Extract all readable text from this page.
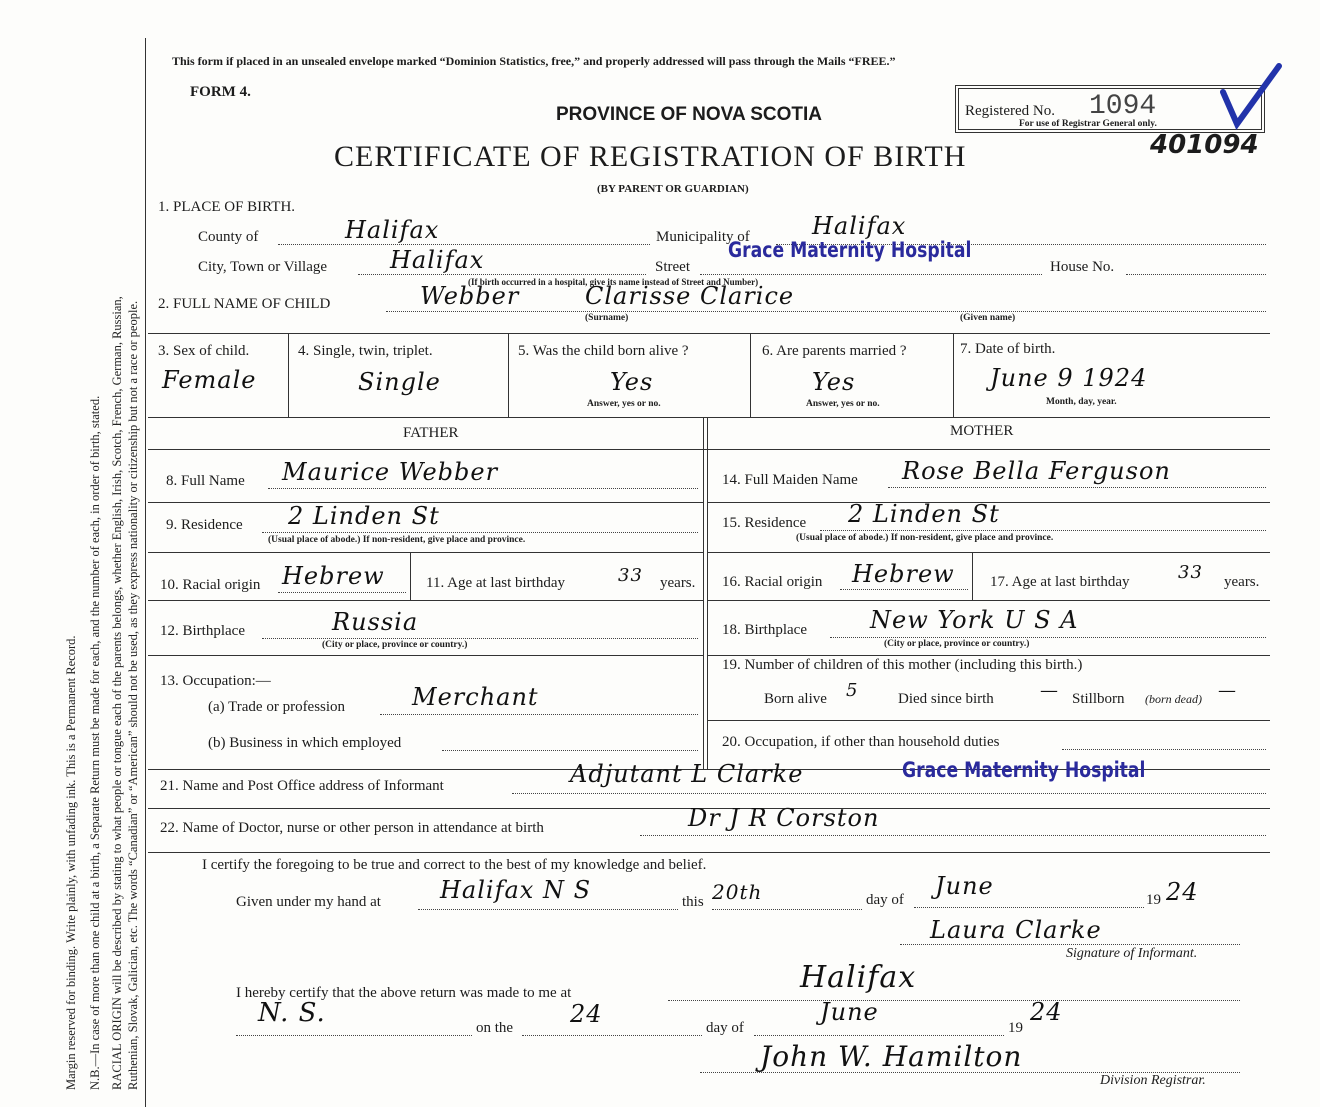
Margin reserved for binding. Write plainly, with unfading ink. This is a Permanent Record. N.B.—In case of more than one child at a birth, a Separate Return must be made for each, and the number of each, in order of birth, stated. RACIAL ORIGIN will be described by stating to what people or tongue each of the parents belongs, whether English, Irish, Scotch, French, German, Russian, Ruthenian, Slovak, Galician, etc. The words “Canadian” or “American” should not be used, as they express nationality or citizenship but not a race or people.
This form if placed in an unsealed envelope marked “Dominion Statistics, free,” and properly addressed will pass through the Mails “FREE.”
FORM 4.
PROVINCE OF NOVA SCOTIA
CERTIFICATE OF REGISTRATION OF BIRTH
(BY PARENT OR GUARDIAN)
Registered No. 1094
For use of Registrar General only.
401094
1. PLACE OF BIRTH.
County of	Halifax	Municipality of	Halifax
City, Town or Village	Halifax	Street
Grace Maternity Hospital
House No.
(If birth occurred in a hospital, give its name instead of Street and Number)
2. FULL NAME OF CHILD	Webber	Clarisse Clarice
(Surname)	(Given name)
3. Sex of child.
Female
4. Single, twin, triplet.
Single
5. Was the child born alive ?
Yes
Answer, yes or no.
6. Are parents married ?
Yes
Answer, yes or no.
7. Date of birth.
June 9 1924
Month, day, year.
FATHER	MOTHER
8. Full Name Maurice Webber
9. Residence 2 Linden St
(Usual place of abode.) If non-resident, give place and province.
10. Racial origin Hebrew	11. Age at last birthday	33 years.
12. Birthplace	Russia
(City or place, province or country.)
13. Occupation:—
(a) Trade or profession	Merchant
(b) Business in which employed
14. Full Maiden Name Rose Bella Ferguson
15. Residence 2 Linden St
(Usual place of abode.) If non-resident, give place and province.
16. Racial origin Hebrew 17. Age at last birthday	33 years.
18. Birthplace	New York U S A
(City or place, province or country.)
19. Number of children of this mother (including this birth.)
Born alive 5	Died since birth	— Stillborn (born dead) —
20. Occupation, if other than household duties
21. Name and Post Office address of Informant	Adjutant L Clarke	Grace Maternity Hospital
22. Name of Doctor, nurse or other person in attendance at birth	Dr J R Corston
I certify the foregoing to be true and correct to the best of my knowledge and belief.
Given under my hand at Halifax N S	this 20th	day of June	19 24
Laura Clarke
Signature of Informant.
I hereby certify that the above return was made to me at	Halifax
N. S.	on the 24	day of
June
19
24
John W. Hamilton
Division Registrar.
